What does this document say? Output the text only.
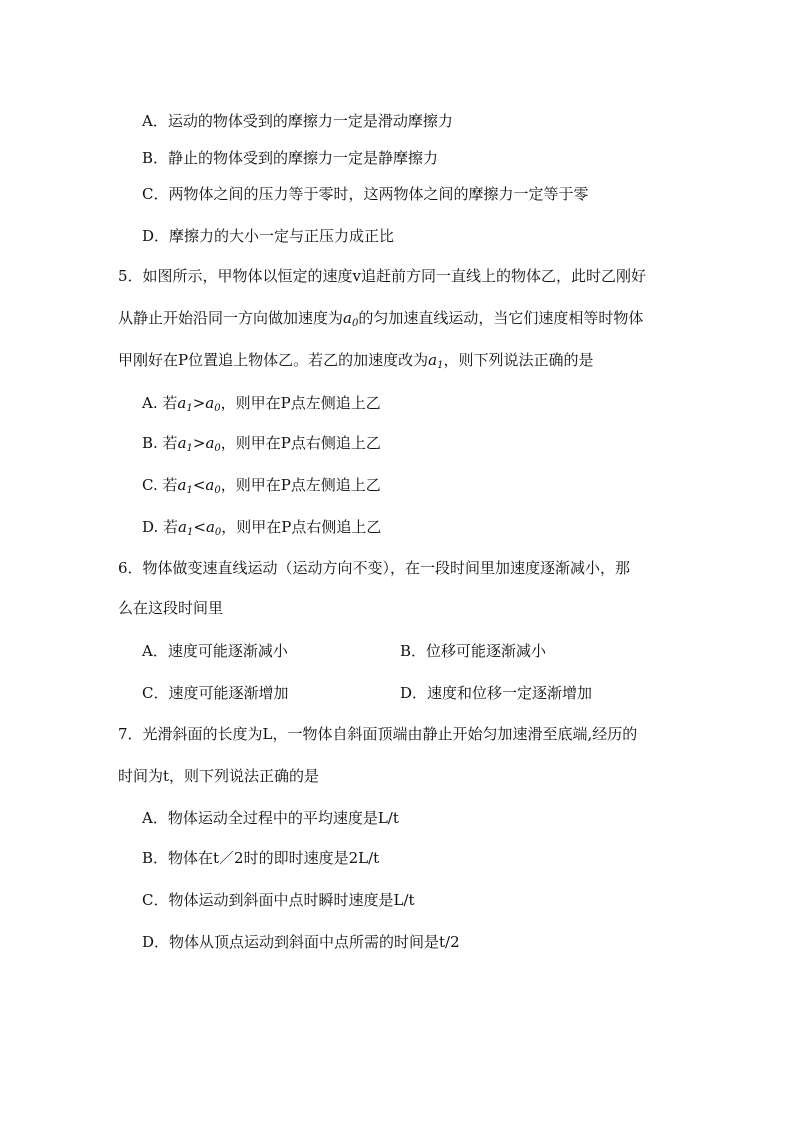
A．运动的物体受到的摩擦力一定是滑动摩擦力
B．静止的物体受到的摩擦力一定是静摩擦力
C．两物体之间的压力等于零时，这两物体之间的摩擦力一定等于零
D．摩擦力的大小一定与正压力成正比
5．如图所示，甲物体以恒定的速度v追赶前方同一直线上的物体乙，此时乙刚好
从静止开始沿同一方向做加速度为$a_0$的匀加速直线运动，当它们速度相等时物体
甲刚好在P位置追上物体乙。若乙的加速度改为$a_1$，则下列说法正确的是
A. 若$a_1>a_0$，则甲在P点左侧追上乙
B. 若$a_1>a_0$，则甲在P点右侧追上乙
C. 若$a_1<a_0$，则甲在P点左侧追上乙
D. 若$a_1<a_0$，则甲在P点右侧追上乙
6．物体做变速直线运动（运动方向不变），在一段时间里加速度逐渐减小，那
么在这段时间里
A．速度可能逐渐减小	B．位移可能逐渐减小
C．速度可能逐渐增加	D．速度和位移一定逐渐增加
7．光滑斜面的长度为L，一物体自斜面顶端由静止开始匀加速滑至底端,经历的
时间为t，则下列说法正确的是
A．物体运动全过程中的平均速度是L/t
B．物体在t／2时的即时速度是2L/t
C．物体运动到斜面中点时瞬时速度是L/t
D．物体从顶点运动到斜面中点所需的时间是t/2
